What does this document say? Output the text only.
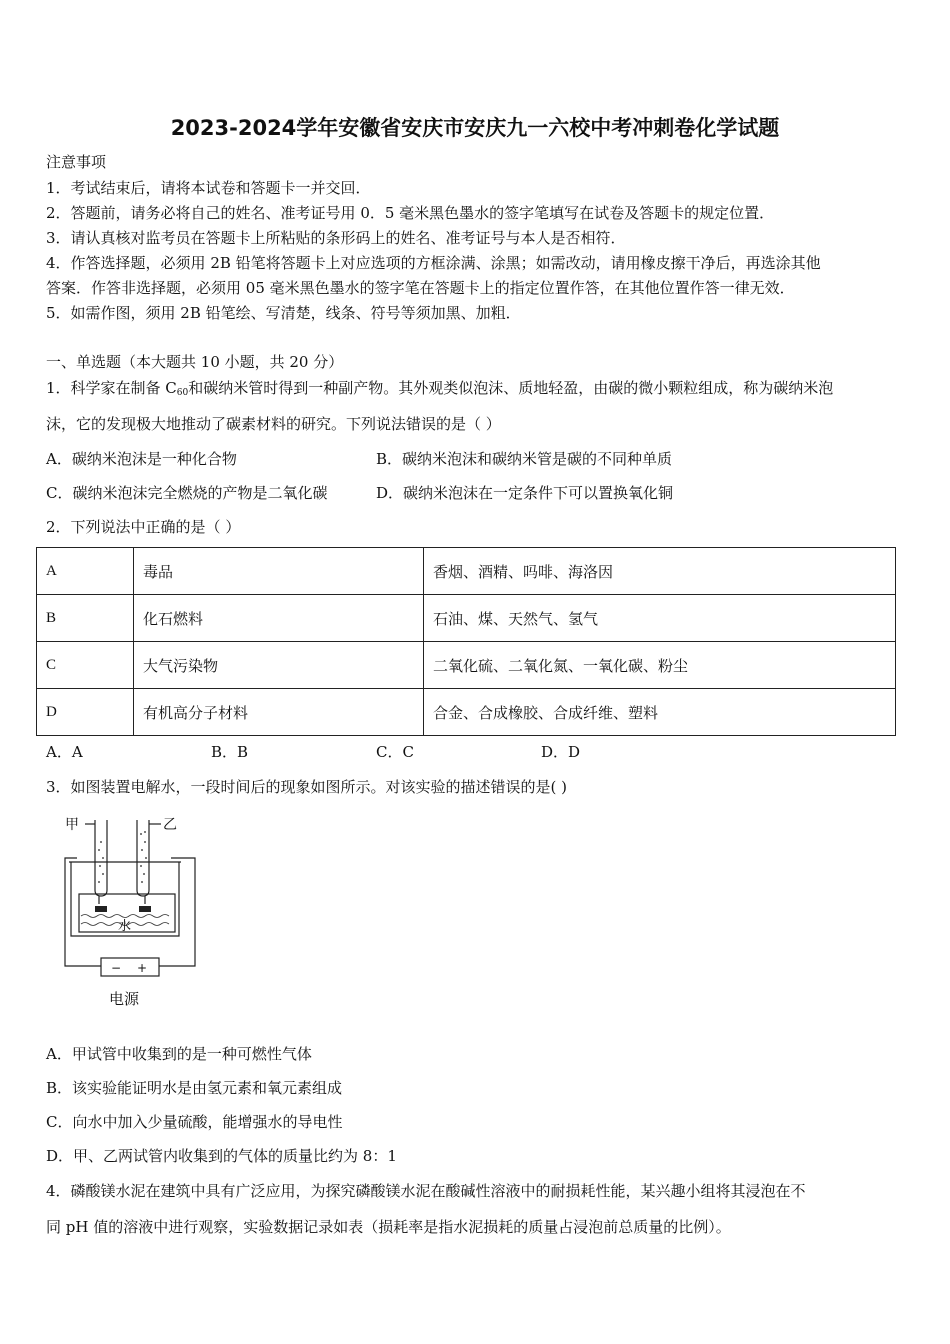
2023-2024学年安徽省安庆市安庆九一六校中考冲刺卷化学试题
注意事项
1．考试结束后，请将本试卷和答题卡一并交回．
2．答题前，请务必将自己的姓名、准考证号用 0．5 毫米黑色墨水的签字笔填写在试卷及答题卡的规定位置．
3．请认真核对监考员在答题卡上所粘贴的条形码上的姓名、准考证号与本人是否相符．
4．作答选择题，必须用 2B 铅笔将答题卡上对应选项的方框涂满、涂黑；如需改动，请用橡皮擦干净后，再选涂其他
答案．作答非选择题，必须用 05 毫米黑色墨水的签字笔在答题卡上的指定位置作答，在其他位置作答一律无效．
5．如需作图，须用 2B 铅笔绘、写清楚，线条、符号等须加黑、加粗．
一、单选题（本大题共 10 小题，共 20 分）
1．科学家在制备 C60和碳纳米管时得到一种副产物。其外观类似泡沫、质地轻盈，由碳的微小颗粒组成，称为碳纳米泡
沫，它的发现极大地推动了碳素材料的研究。下列说法错误的是（ ）
A．碳纳米泡沫是一种化合物	B．碳纳米泡沫和碳纳米管是碳的不同种单质
C．碳纳米泡沫完全燃烧的产物是二氧化碳	D．碳纳米泡沫在一定条件下可以置换氧化铜
2．下列说法中正确的是（ ）
A	毒品	香烟、酒精、吗啡、海洛因
B	化石燃料	石油、煤、天然气、氢气
C	大气污染物	二氧化硫、二氧化氮、一氧化碳、粉尘
D	有机高分子材料	合金、合成橡胶、合成纤维、塑料
A．A	B．B	C．C	D．D
3．如图装置电解水，一段时间后的现象如图所示。对该实验的描述错误的是( )
甲	乙
水
− +
电源
A．甲试管中收集到的是一种可燃性气体
B．该实验能证明水是由氢元素和氧元素组成
C．向水中加入少量硫酸，能增强水的导电性
D．甲、乙两试管内收集到的气体的质量比约为 8：1
4．磷酸镁水泥在建筑中具有广泛应用，为探究磷酸镁水泥在酸碱性溶液中的耐损耗性能，某兴趣小组将其浸泡在不
同 pH 值的溶液中进行观察，实验数据记录如表（损耗率是指水泥损耗的质量占浸泡前总质量的比例）。
